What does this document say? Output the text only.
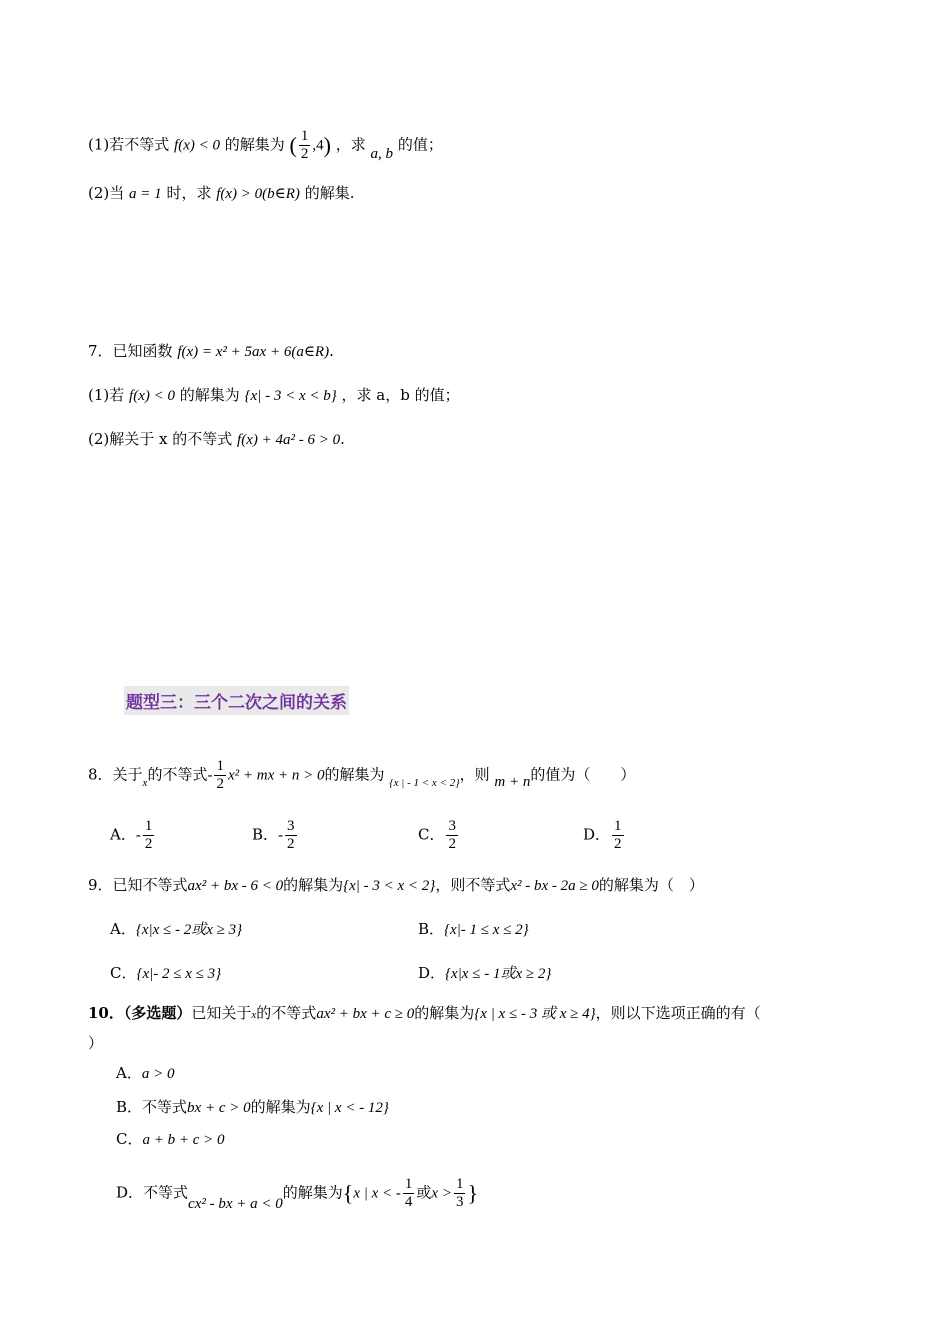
(1)若不等式 f(x) < 0 的解集为 ( $\frac{1}{2} ,4$) ，求 a, b 的值；
(2)当 a = 1 时，求 f(x) > 0(b∈R) 的解集.
7．已知函数 f(x) = x² + 5ax + 6(a∈R).
(1)若 f(x) < 0 的解集为 {x| - 3 < x < b} ，求 a，b 的值；
(2)解关于 x 的不等式 f(x) + 4a² - 6 > 0.
题型三：三个二次之间的关系
8．关于$_x$的不等式- $\frac{1}{2} x^2$ + mx + n > 0的解集为 $_{\{x | - 1 < x < 2\}}$，则 m + n的值为（　　）
A．- $\frac{1}{2}$	B．- $\frac{3}{2}$	C． $\frac{3}{2}$	D． $\frac{1}{2}$
9．已知不等式ax² + bx - 6 < 0的解集为{x| - 3 < x < 2}，则不等式x² - bx - 2a ≥ 0的解集为（　）
A．{x|x ≤ - 2或x ≥ 3}	B．{x|- 1 ≤ x ≤ 2}
C．{x|- 2 ≤ x ≤ 3}	D．{x|x ≤ - 1或x ≥ 2}
10．（多选题）已知关于x的不等式ax² + bx + c ≥ 0的解集为{x | x ≤ - 3 或 x ≥ 4}，则以下选项正确的有（
）
A．a > 0
B．不等式bx + c > 0的解集为{x | x < - 12}
C．a + b + c > 0
D．不等式cx² - bx + a < 0的解集为{x | x < - $\frac{1}{4}$ 或$x > \frac{1}{3}$ }
